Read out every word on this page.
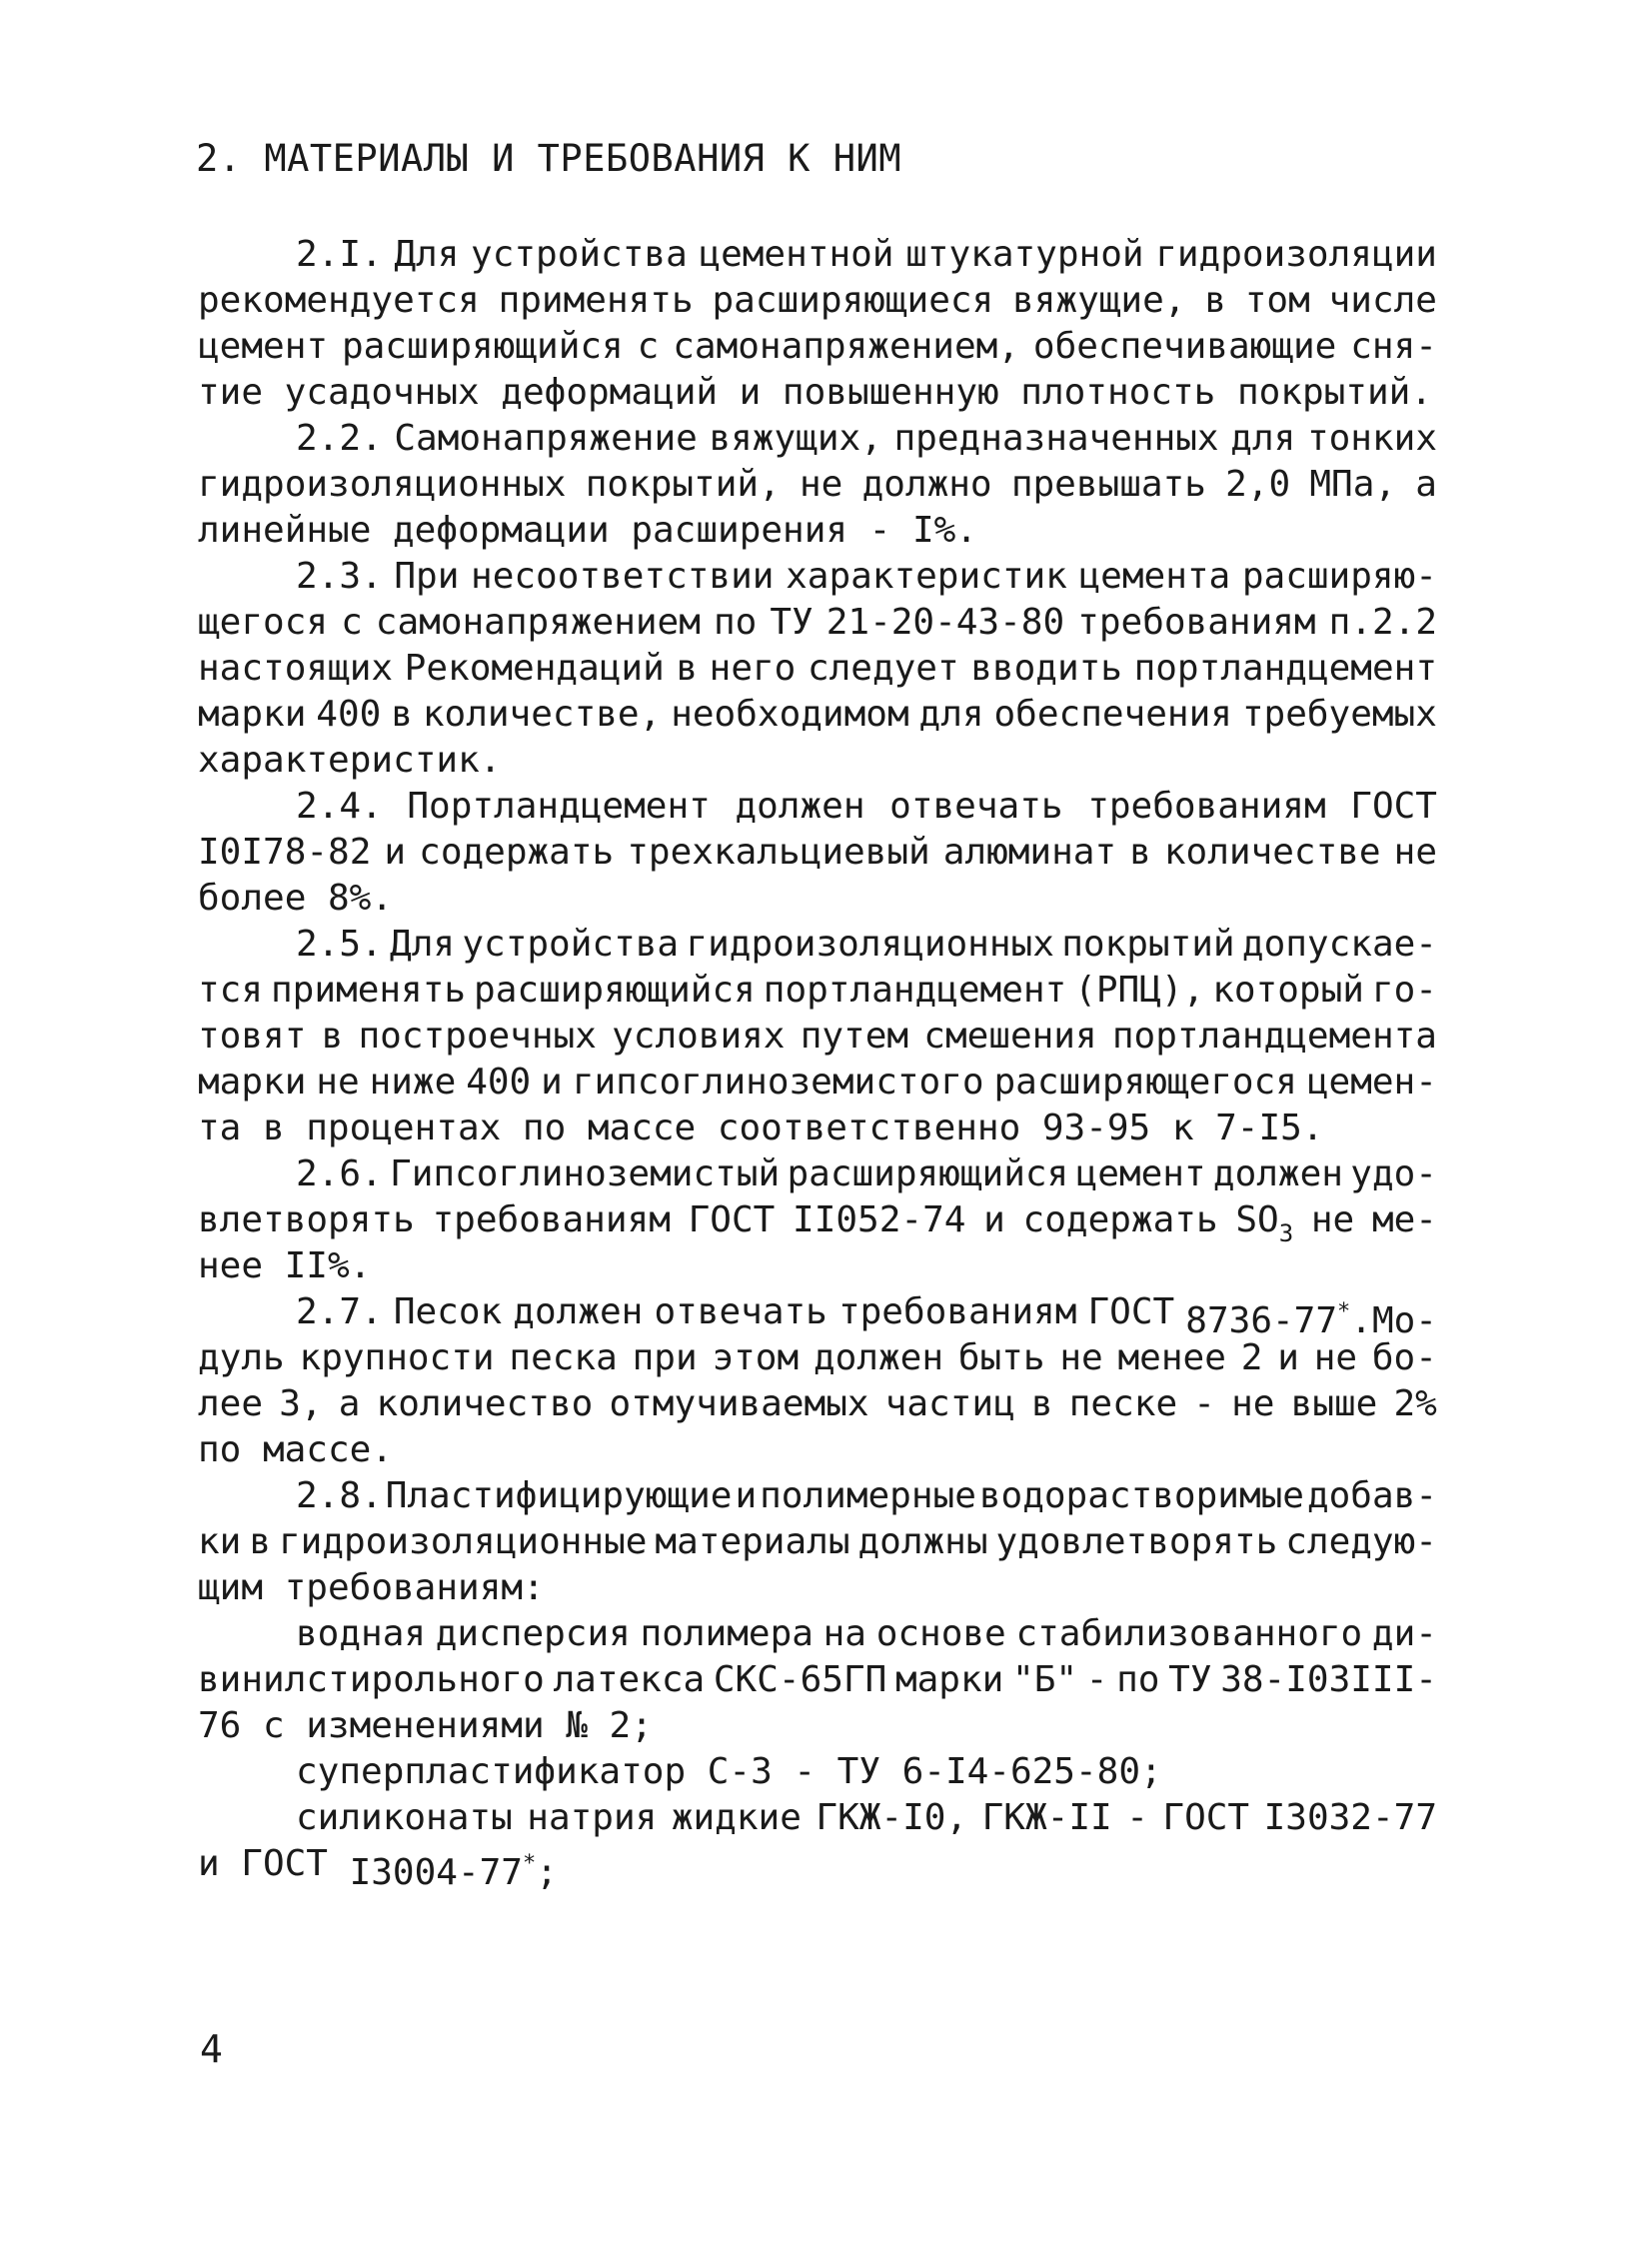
2. МАТЕРИАЛЫ И ТРЕБОВАНИЯ К НИМ
2.I. Для устройства цементной штукатурной гидроизоляции
рекомендуется применять расширяющиеся вяжущие, в том числе
цемент расширяющийся с самонапряжением, обеспечивающие сня-
тие усадочных деформаций и повышенную плотность покрытий.
2.2. Самонапряжение вяжущих, предназначенных для тонких
гидроизоляционных покрытий, не должно превышать 2,0 МПа, а
линейные деформации расширения - I%.
2.3. При несоответствии характеристик цемента расширяю-
щегося с самонапряжением по ТУ 21-20-43-80 требованиям п.2.2
настоящих Рекомендаций в него следует вводить портландцемент
марки 400 в количестве, необходимом для обеспечения требуемых
характеристик.
2.4. Портландцемент должен отвечать требованиям ГОСТ
I0I78-82 и содержать трехкальциевый алюминат в количестве не
более 8%.
2.5. Для устройства гидроизоляционных покрытий допускае-
тся применять расширяющийся портландцемент (РПЦ), который го-
товят в построечных условиях путем смешения портландцемента
марки не ниже 400 и гипсоглиноземистого расширяющегося цемен-
та в процентах по массе соответственно 93-95 к 7-I5.
2.6. Гипсоглиноземистый расширяющийся цемент должен удо-
влетворять требованиям ГОСТ II052-74 и содержать $SO_3$ не ме-
нее II%.
2.7. Песок должен отвечать требованиям ГОСТ 8736-77*.Мо-
дуль крупности песка при этом должен быть не менее 2 и не бо-
лее 3, а количество отмучиваемых частиц в песке - не выше 2%
по массе.
2.8. Пластифицирующие и полимерные водорастворимые добав-
ки в гидроизоляционные материалы должны удовлетворять следую-
щим требованиям:
водная дисперсия полимера на основе стабилизованного ди-
винилстирольного латекса СКС-65ГП марки "Б" - по ТУ 38-I03III-
76 с изменениями № 2;
суперпластификатор С-3 - ТУ 6-I4-625-80;
силиконаты натрия жидкие ГКЖ-I0, ГКЖ-II - ГОСТ I3032-77
и ГОСТ I3004-77*;
4
